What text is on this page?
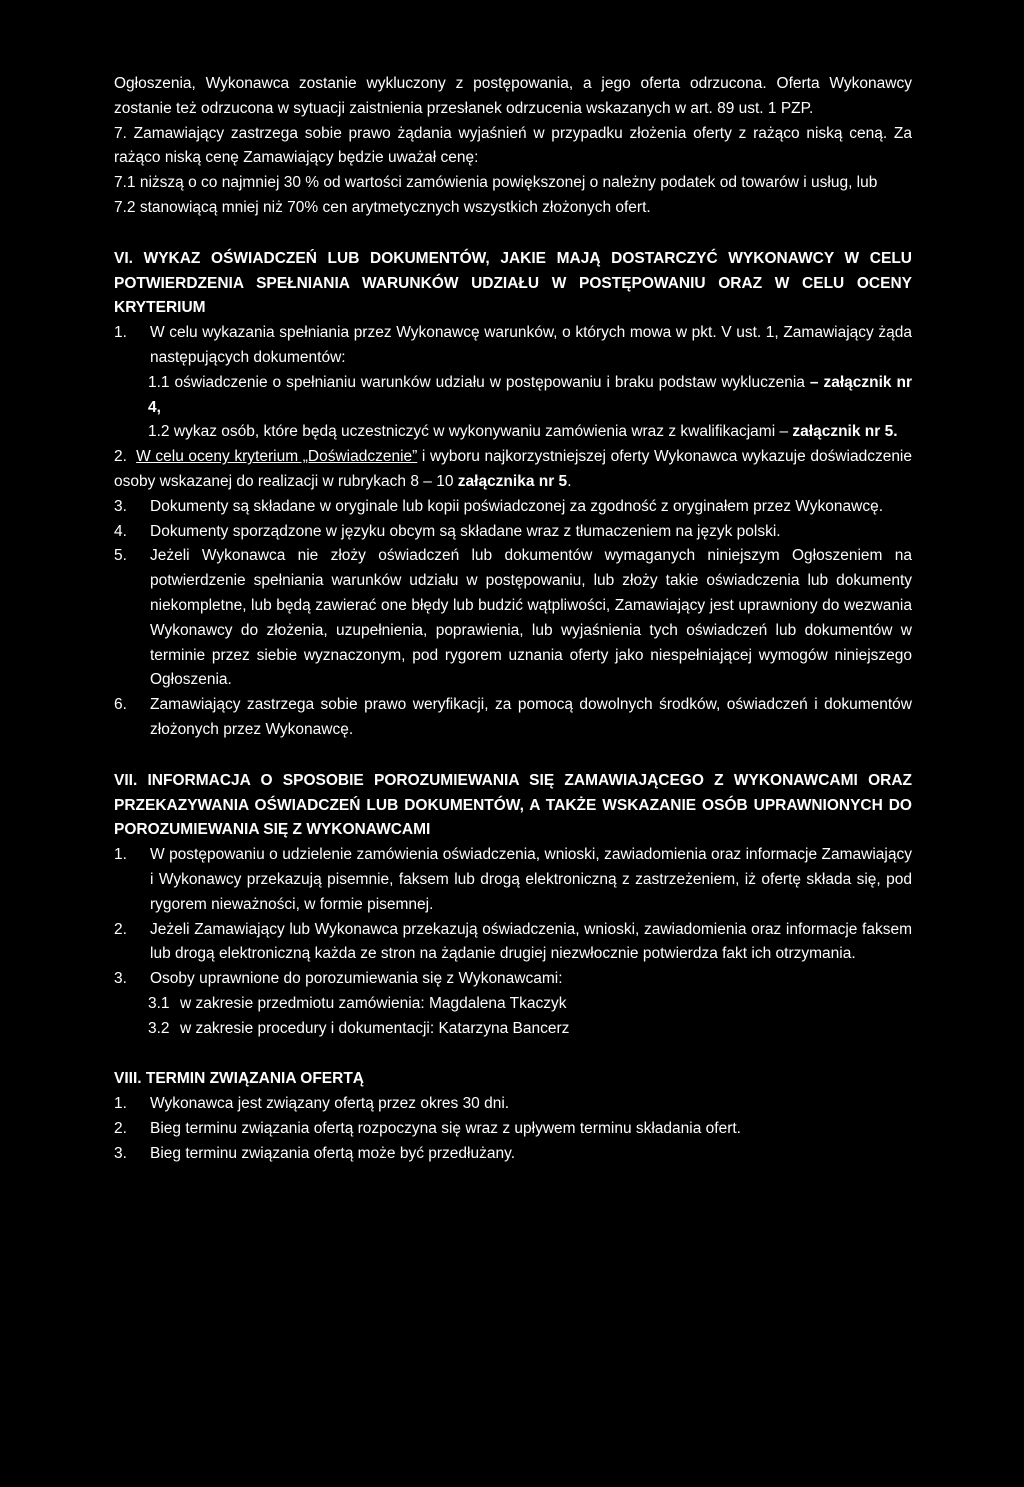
Ogłoszenia, Wykonawca zostanie wykluczony z postępowania, a jego oferta odrzucona. Oferta Wykonawcy zostanie też odrzucona w sytuacji zaistnienia przesłanek odrzucenia wskazanych w art. 89 ust. 1 PZP.

7. Zamawiający zastrzega sobie prawo żądania wyjaśnień w przypadku złożenia oferty z rażąco niską ceną. Za rażąco niską cenę Zamawiający będzie uważał cenę:

7.1 niższą o co najmniej 30 % od wartości zamówienia powiększonej o należny podatek od towarów i usług, lub

7.2 stanowiącą mniej niż 70% cen arytmetycznych wszystkich złożonych ofert.

VI. WYKAZ OŚWIADCZEŃ LUB DOKUMENTÓW, JAKIE MAJĄ DOSTARCZYĆ WYKONAWCY W CELU POTWIERDZENIA SPEŁNIANIA WARUNKÓW UDZIAŁU W POSTĘPOWANIU ORAZ W CELU OCENY KRYTERIUM

1.	W celu wykazania spełniania przez Wykonawcę warunków, o których mowa w pkt. V ust. 1, Zamawiający żąda następujących dokumentów:

1.1 oświadczenie o spełnianiu warunków udziału w postępowaniu i braku podstaw wykluczenia – załącznik nr 4,

1.2 wykaz osób, które będą uczestniczyć w wykonywaniu zamówienia wraz z kwalifikacjami – załącznik nr 5.

2. W celu oceny kryterium „Doświadczenie” i wyboru najkorzystniejszej oferty Wykonawca wykazuje doświadczenie osoby wskazanej do realizacji w rubrykach 8 – 10 załącznika nr 5.

3.	Dokumenty są składane w oryginale lub kopii poświadczonej za zgodność z oryginałem przez Wykonawcę.
4.	Dokumenty sporządzone w języku obcym są składane wraz z tłumaczeniem na język polski.
5.	Jeżeli Wykonawca nie złoży oświadczeń lub dokumentów wymaganych niniejszym Ogłoszeniem na potwierdzenie spełniania warunków udziału w postępowaniu, lub złoży takie oświadczenia lub dokumenty niekompletne, lub będą zawierać one błędy lub budzić wątpliwości, Zamawiający jest uprawniony do wezwania Wykonawcy do złożenia, uzupełnienia, poprawienia, lub wyjaśnienia tych oświadczeń lub dokumentów w terminie przez siebie wyznaczonym, pod rygorem uznania oferty jako niespełniającej wymogów niniejszego Ogłoszenia.
6.	Zamawiający zastrzega sobie prawo weryfikacji, za pomocą dowolnych środków, oświadczeń i dokumentów złożonych przez Wykonawcę.

VII. INFORMACJA O SPOSOBIE POROZUMIEWANIA SIĘ ZAMAWIAJĄCEGO Z WYKONAWCAMI ORAZ PRZEKAZYWANIA OŚWIADCZEŃ LUB DOKUMENTÓW, A TAKŻE WSKAZANIE OSÓB UPRAWNIONYCH DO POROZUMIEWANIA SIĘ Z WYKONAWCAMI

1.	W postępowaniu o udzielenie zamówienia oświadczenia, wnioski, zawiadomienia oraz informacje Zamawiający i Wykonawcy przekazują pisemnie, faksem lub drogą elektroniczną z zastrzeżeniem, iż ofertę składa się, pod rygorem nieważności, w formie pisemnej.
2.	Jeżeli Zamawiający lub Wykonawca przekazują oświadczenia, wnioski, zawiadomienia oraz informacje faksem lub drogą elektroniczną każda ze stron na żądanie drugiej niezwłocznie potwierdza fakt ich otrzymania.
3.	Osoby uprawnione do porozumiewania się z Wykonawcami:
3.1 w zakresie przedmiotu zamówienia: Magdalena Tkaczyk
3.2 w zakresie procedury i dokumentacji: Katarzyna Bancerz

VIII. TERMIN ZWIĄZANIA OFERTĄ

1.	Wykonawca jest związany ofertą przez okres 30 dni.
2.	Bieg terminu związania ofertą rozpoczyna się wraz z upływem terminu składania ofert.
3.	Bieg terminu związania ofertą może być przedłużany.
